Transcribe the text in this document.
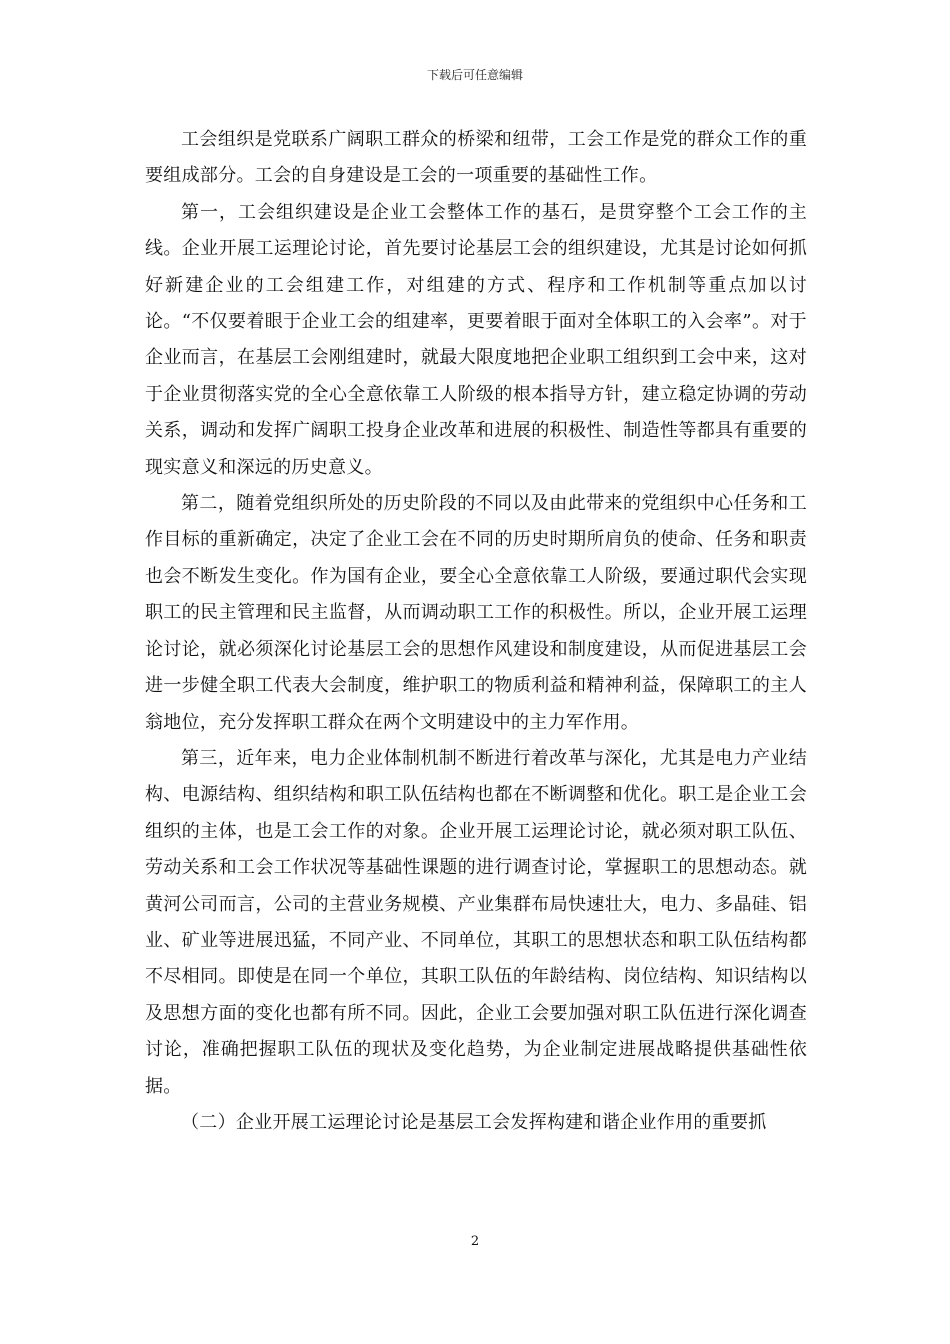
下载后可任意编辑

工会组织是党联系广阔职工群众的桥梁和纽带，工会工作是党的群众工作的重要组成部分。工会的自身建设是工会的一项重要的基础性工作。

第一，工会组织建设是企业工会整体工作的基石，是贯穿整个工会工作的主线。企业开展工运理论讨论，首先要讨论基层工会的组织建设，尤其是讨论如何抓好新建企业的工会组建工作，对组建的方式、程序和工作机制等重点加以讨论。“不仅要着眼于企业工会的组建率，更要着眼于面对全体职工的入会率”。对于企业而言，在基层工会刚组建时，就最大限度地把企业职工组织到工会中来，这对于企业贯彻落实党的全心全意依靠工人阶级的根本指导方针，建立稳定协调的劳动关系，调动和发挥广阔职工投身企业改革和进展的积极性、制造性等都具有重要的现实意义和深远的历史意义。

第二，随着党组织所处的历史阶段的不同以及由此带来的党组织中心任务和工作目标的重新确定，决定了企业工会在不同的历史时期所肩负的使命、任务和职责也会不断发生变化。作为国有企业，要全心全意依靠工人阶级，要通过职代会实现职工的民主管理和民主监督，从而调动职工工作的积极性。所以，企业开展工运理论讨论，就必须深化讨论基层工会的思想作风建设和制度建设，从而促进基层工会进一步健全职工代表大会制度，维护职工的物质利益和精神利益，保障职工的主人翁地位，充分发挥职工群众在两个文明建设中的主力军作用。

第三，近年来，电力企业体制机制不断进行着改革与深化，尤其是电力产业结构、电源结构、组织结构和职工队伍结构也都在不断调整和优化。职工是企业工会组织的主体，也是工会工作的对象。企业开展工运理论讨论，就必须对职工队伍、劳动关系和工会工作状况等基础性课题的进行调查讨论，掌握职工的思想动态。就黄河公司而言，公司的主营业务规模、产业集群布局快速壮大，电力、多晶硅、铝业、矿业等进展迅猛，不同产业、不同单位，其职工的思想状态和职工队伍结构都不尽相同。即使是在同一个单位，其职工队伍的年龄结构、岗位结构、知识结构以及思想方面的变化也都有所不同。因此，企业工会要加强对职工队伍进行深化调查讨论，准确把握职工队伍的现状及变化趋势，为企业制定进展战略提供基础性依据。

（二）企业开展工运理论讨论是基层工会发挥构建和谐企业作用的重要抓

2
